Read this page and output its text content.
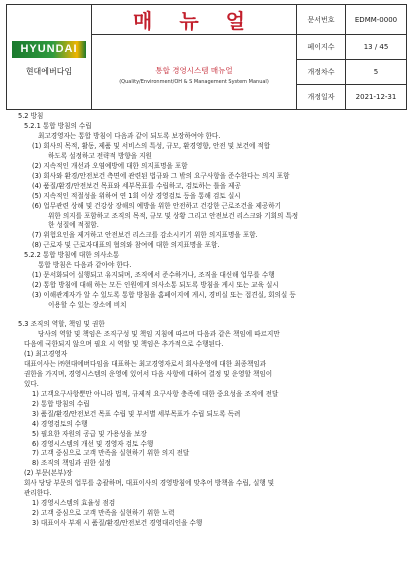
HYUNDAI
현대에버다임	매 뉴 얼	문서번호	EDMM-0000

	통합 경영시스템 매뉴얼
(Quality/Environment/OH & S Management System Manual)	페이지수	13 / 45
		개정차수	5
		개정일자	2021-12-31
5.2 방침
5.2.1 통합 방침의 수립
최고경영자는 통합 방침이 다음과 같이 되도록 보장하여야 한다.
(1) 회사의 목적, 활동, 제품 및 서비스의 특성, 규모, 환경영향, 안전 및 보건에 적합
하도록 설정하고 전략적 방향을 지원
(2) 지속적인 개선과 오염예방에 대한 의지표명을 포함
(3) 회사와 환경/안전보건 측면에 관련된 법규와 그 밖의 요구사항을 준수한다는 의지 포함
(4) 품질/환경/안전보건 목표와 세부목표를 수립하고, 검토하는 틀을 제공
(5) 지속적인 적절성을 위하여 연 1회 이상 경영검토 등을 통해 검토 실시
(6) 업무관련 상해 및 건강상 장해의 예방을 위한 안전하고 건강한 근로조건을 제공하기
위한 의지를 포함하고 조직의 목적, 규모 및 상황 그리고 안전보건 리스크와 기회의 특정
한 성질에 적절함.
(7) 위험요인을 제거하고 안전보건 리스크를 감소시키기 위한 의지표명을 포함.
(8) 근로자 및 근로자대표의 협의와 참여에 대한 의지표명을 포함.
5.2.2 통합 방침에 대한 의사소통
통합 방침은 다음과 같아야 한다.
(1) 문서화되어 실행되고 유지되며, 조직에서 준수하거나, 조직을 대신해 업무를 수행
(2) 통합 방침에 대해 하는 모든 인원에게 의사소통 되도록 방침을 게시 또는 교육 실시
(3) 이해관계자가 알 수 있도록 통합 방침을 홈페이지에 게시, 경비실 또는 접견실, 회의실 등
이용할 수 있는 장소에 비치
5.3 조직의 역할, 책임 및 권한
당사의 역할 및 책임은 조직구성 및 책임 지침에 따르며 다음과 같은 책임에 따르지만
다음에 국한되지 않으며 필요 시 역할 및 책임은 추가적으로 수행된다.
(1) 최고경영자
대표이사는 ㈜현대에버다임을 대표하는 최고경영자로서 회사운영에 대한 최종책임과
권한을 가지며, 경영시스템의 운영에 있어서 다음 사항에 대하여 결정 및 운영할 책임이
있다.
1) 고객요구사항뿐만 아니라 법적, 규제적 요구사항 충족에 대한 중요성을 조직에 전달
2) 통합 방침의 수립
3) 품질/환경/안전보건 목표 수립 및 부서별 세부목표가 수립 되도록 독려
4) 경영검토의 수행
5) 필요한 자원의 공급 및 가용성을 보장
6) 경영시스템의 개선 및 경영자 검토 수행
7) 고객 중심으로 고객 만족을 실현하기 위한 의지 전달
8) 조직의 책임과 권한 설정
(2) 부문(본부)장
회사 당당 부문의 업무를 총괄하며, 대표이사의 경영방침에 맞추어 방책을 수립, 실행 및
관리한다.
1) 경영시스템의 효율성 점검
2) 고객 중심으로 고객 만족을 실현하기 위한 노력
3) 대표이사 부재 시 품질/환경/안전보건 경영대리인을 수행
